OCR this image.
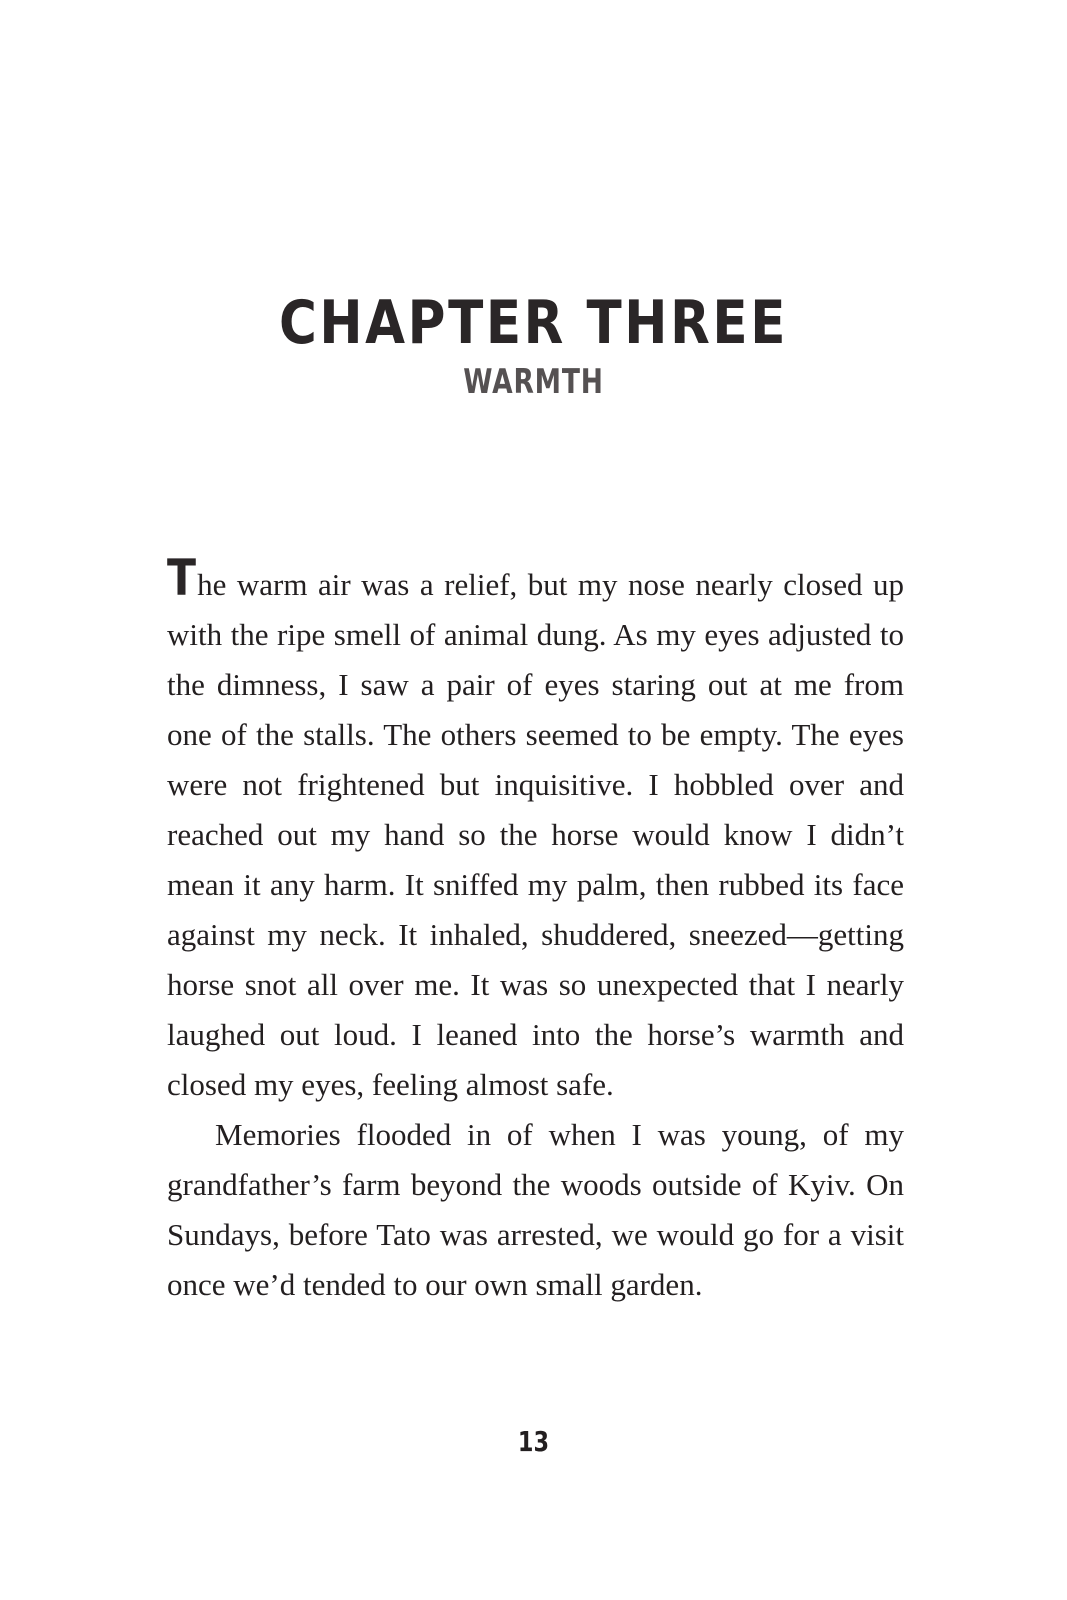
CHAPTER THREE
WARMTH

The warm air was a relief, but my nose nearly closed up with the ripe smell of animal dung. As my eyes adjusted to the dimness, I saw a pair of eyes staring out at me from one of the stalls. The others seemed to be empty. The eyes were not frightened but inquisitive. I hobbled over and reached out my hand so the horse would know I didn’t mean it any harm. It sniffed my palm, then rubbed its face against my neck. It inhaled, shuddered, sneezed—getting horse snot all over me. It was so unexpected that I nearly laughed out loud. I leaned into the horse’s warmth and closed my eyes, feeling almost safe.

Memories flooded in of when I was young, of my grandfather’s farm beyond the woods outside of Kyiv. On Sundays, before Tato was arrested, we would go for a visit once we’d tended to our own small garden.

13
